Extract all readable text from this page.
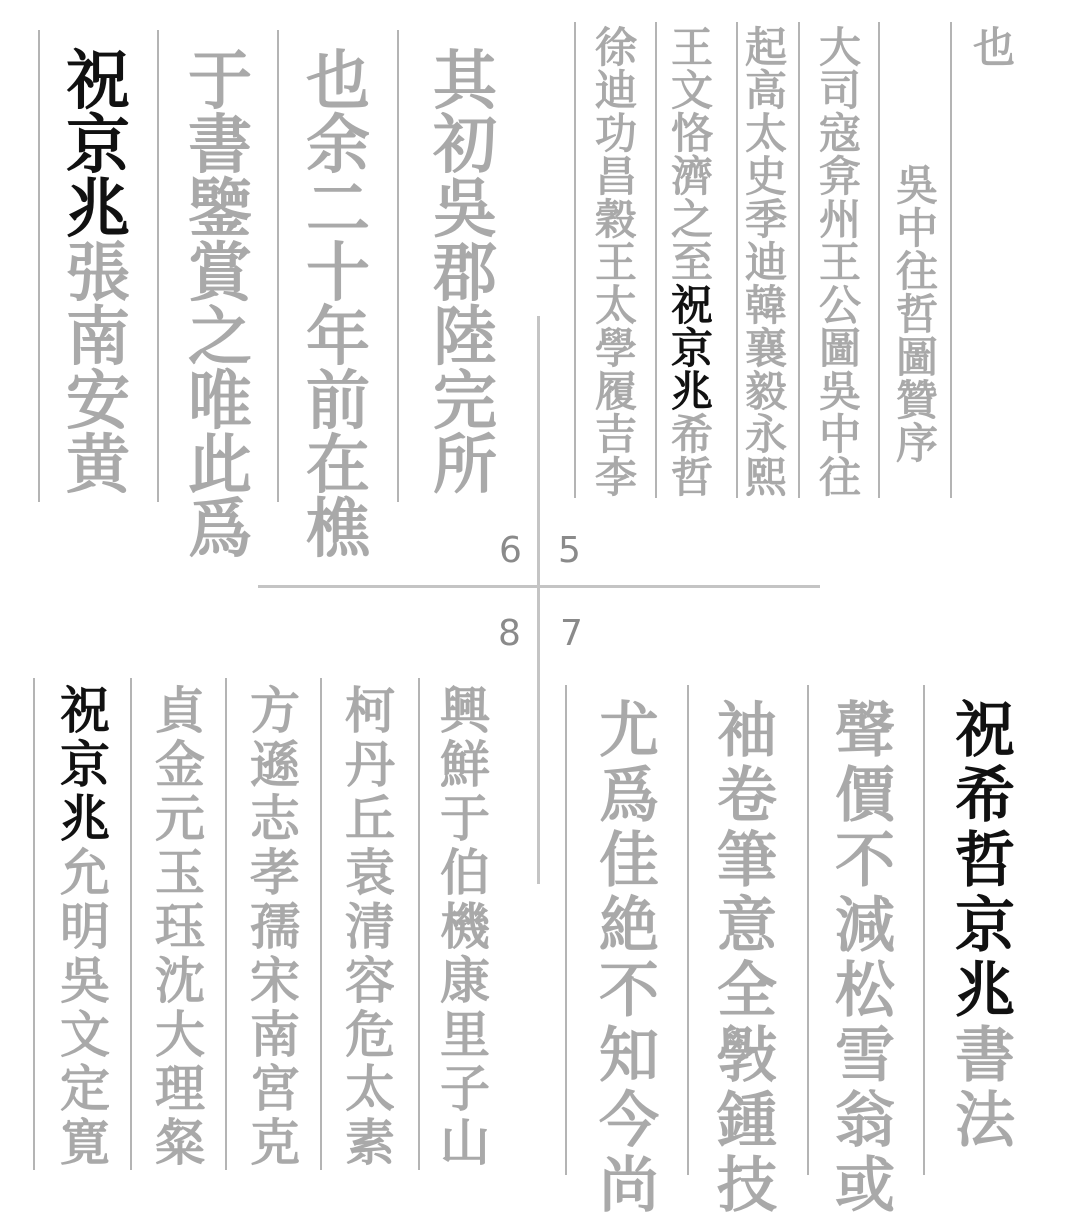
其
初
吳
郡
陸
完
所
也
余
二
十
年
前
在
樵
于
書
鑒
賞
之
唯
此
爲
祝
京
兆
張
南
安
黄
也
吳
中
往
哲
圖
贊
序
大
司
寇
弇
州
王
公
圖
吳
中
往
起
高
太
史
季
迪
韓
襄
毅
永
熙
王
文
恪
濟
之
至
祝
京
兆
希
哲
徐
迪
功
昌
穀
王
太
學
履
吉
李
興
鮮
于
伯
機
康
里
子
山
柯
丹
丘
袁
清
容
危
太
素
方
遜
志
孝
孺
宋
南
宮
克
貞
金
元
玉
珏
沈
大
理
粲
祝
京
兆
允
明
吳
文
定
寛
祝
希
哲
京
兆
書
法
聲
價
不
減
松
雪
翁
或
袖
卷
筆
意
全
斅
鍾
技
尤
爲
佳
絶
不
知
今
尚
6 5
8 7
